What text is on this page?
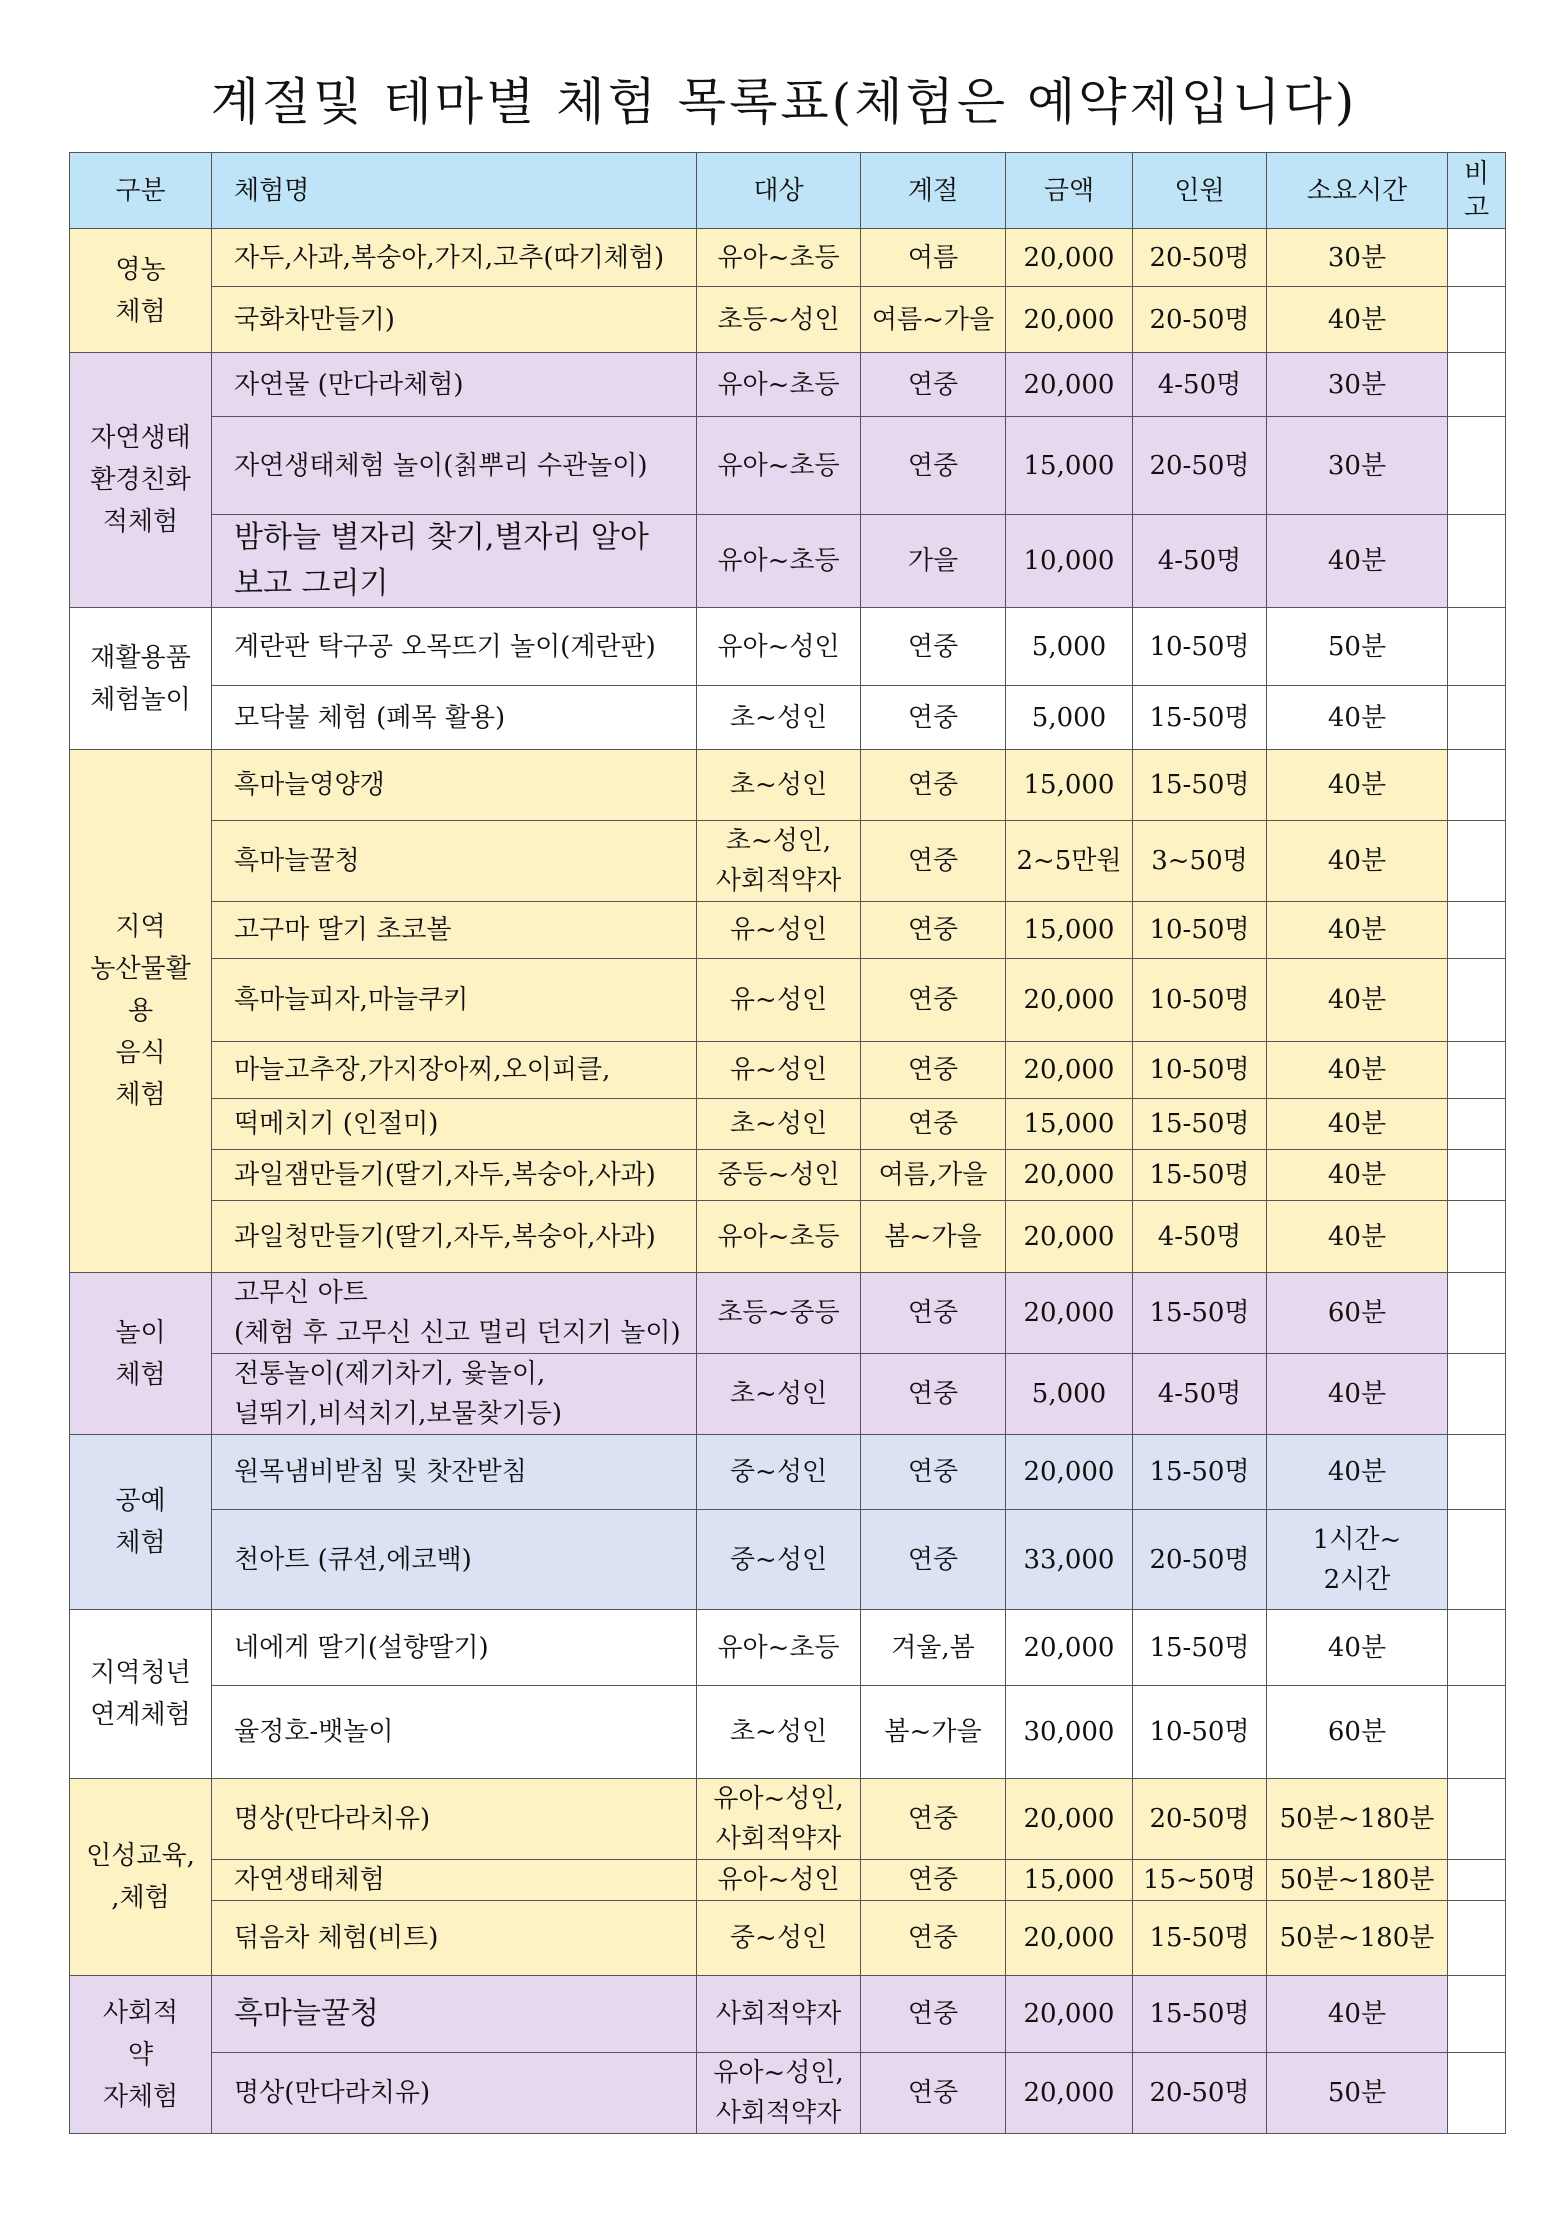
계절및 테마별 체험 목록표(체험은 예약제입니다)
구분	체험명	대상	계절	금액	인원	소요시간	비고
영농
체험	자두,사과,복숭아,가지,고추(따기체험)	유아~초등	여름	20,000	20-50명	30분	
	국화차만들기)	초등~성인	여름~가을	20,000	20-50명	40분	
자연생태
환경친화
적체험	자연물 (만다라체험)	유아~초등	연중	20,000	4-50명	30분	
	자연생태체험 놀이(칡뿌리 수관놀이)	유아~초등	연중	15,000	20-50명	30분	
	밤하늘 별자리 찾기,별자리 알아
보고 그리기	유아~초등	가을	10,000	4-50명	40분	
재활용품
체험놀이	계란판 탁구공 오목뜨기 놀이(계란판)	유아~성인	연중	5,000	10-50명	50분	
	모닥불 체험 (폐목 활용)	초~성인	연중	5,000	15-50명	40분	
지역
농산물활
용
음식
체험	흑마늘영양갱	초~성인	연중	15,000	15-50명	40분	
	흑마늘꿀청	초~성인,
사회적약자	연중	2~5만원	3~50명	40분	
	고구마 딸기 초코볼	유~성인	연중	15,000	10-50명	40분	
	흑마늘피자,마늘쿠키	유~성인	연중	20,000	10-50명	40분	
	마늘고추장,가지장아찌,오이피클,	유~성인	연중	20,000	10-50명	40분	
	떡메치기 (인절미)	초~성인	연중	15,000	15-50명	40분	
	과일잼만들기(딸기,자두,복숭아,사과)	중등~성인	여름,가을	20,000	15-50명	40분	
	과일청만들기(딸기,자두,복숭아,사과)	유아~초등	봄~가을	20,000	4-50명	40분	
놀이
체험	고무신 아트
(체험 후 고무신 신고 멀리 던지기 놀이)	초등~중등	연중	20,000	15-50명	60분	
	전통놀이(제기차기, 윷놀이,
널뛰기,비석치기,보물찾기등)	초~성인	연중	5,000	4-50명	40분	
공예
체험	원목냄비받침 및 찻잔받침	중~성인	연중	20,000	15-50명	40분	
	천아트 (큐션,에코백)	중~성인	연중	33,000	20-50명	1시간~
2시간	
지역청년
연계체험	네에게 딸기(설향딸기)	유아~초등	겨울,봄	20,000	15-50명	40분	
	율정호-뱃놀이	초~성인	봄~가을	30,000	10-50명	60분	
인성교육,
,체험	명상(만다라치유)	유아~성인,
사회적약자	연중	20,000	20-50명	50분~180분	
	자연생태체험	유아~성인	연중	15,000	15~50명	50분~180분	
	덖음차 체험(비트)	중~성인	연중	20,000	15-50명	50분~180분	
사회적
약
자체험	흑마늘꿀청	사회적약자	연중	20,000	15-50명	40분	
	명상(만다라치유)	유아~성인,
사회적약자	연중	20,000	20-50명	50분	
